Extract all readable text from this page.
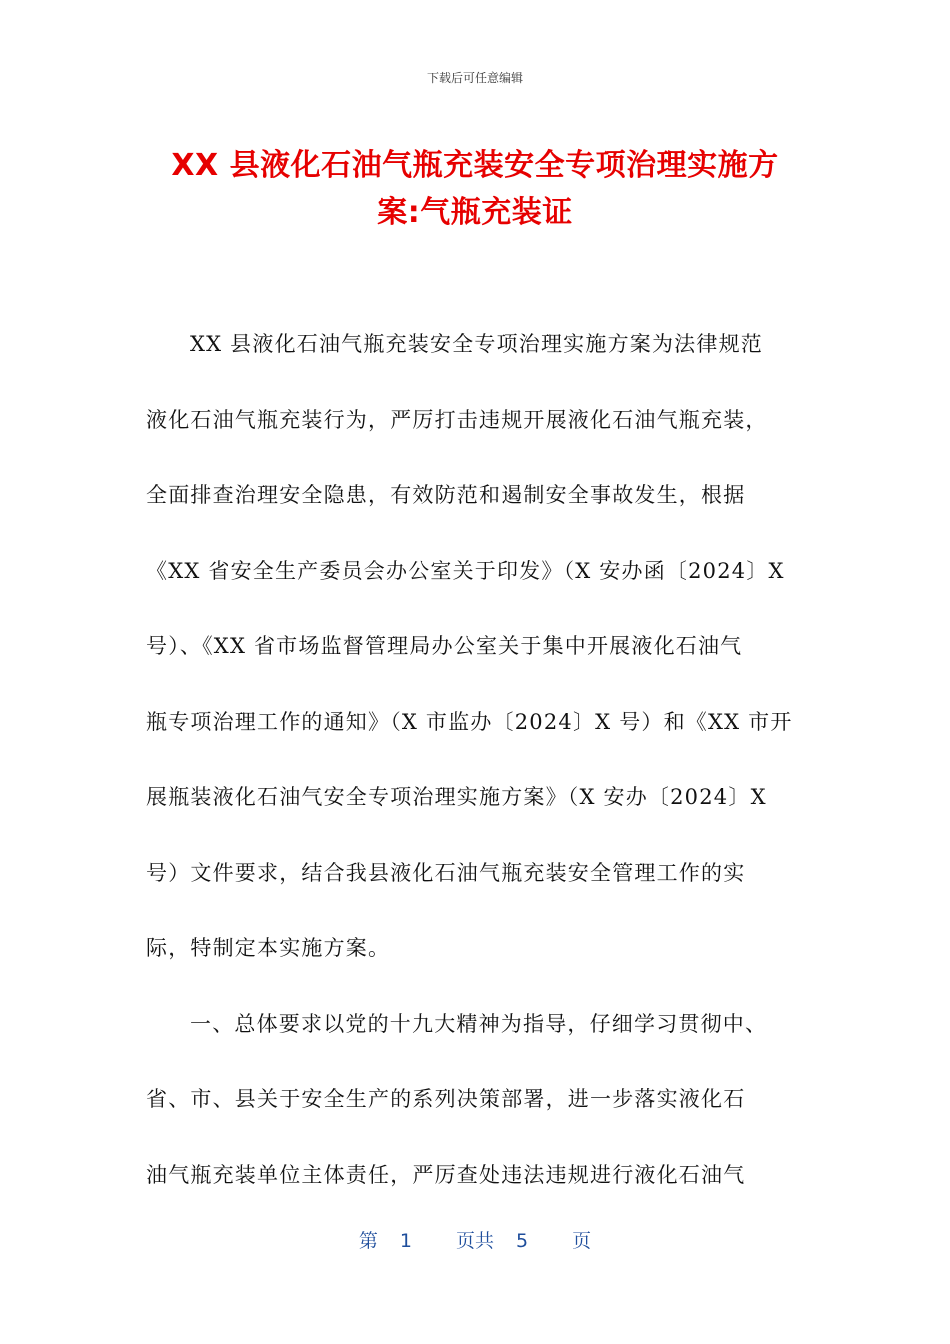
下载后可任意编辑
XX 县液化石油气瓶充装安全专项治理实施方
案:气瓶充装证
XX 县液化石油气瓶充装安全专项治理实施方案为法律规范
液化石油气瓶充装行为，严厉打击违规开展液化石油气瓶充装，
全面排查治理安全隐患，有效防范和遏制安全事故发生，根据
《XX 省安全生产委员会办公室关于印发》（X 安办函〔2024〕X
号）、《XX 省市场监督管理局办公室关于集中开展液化石油气
瓶专项治理工作的通知》（X 市监办〔2024〕X 号）和《XX 市开
展瓶装液化石油气安全专项治理实施方案》（X 安办〔2024〕X
号）文件要求，结合我县液化石油气瓶充装安全管理工作的实
际，特制定本实施方案。
一、总体要求以党的十九大精神为指导，仔细学习贯彻中、
省、市、县关于安全生产的系列决策部署，进一步落实液化石
油气瓶充装单位主体责任，严厉查处违法违规进行液化石油气
第 1 页共 5 页
